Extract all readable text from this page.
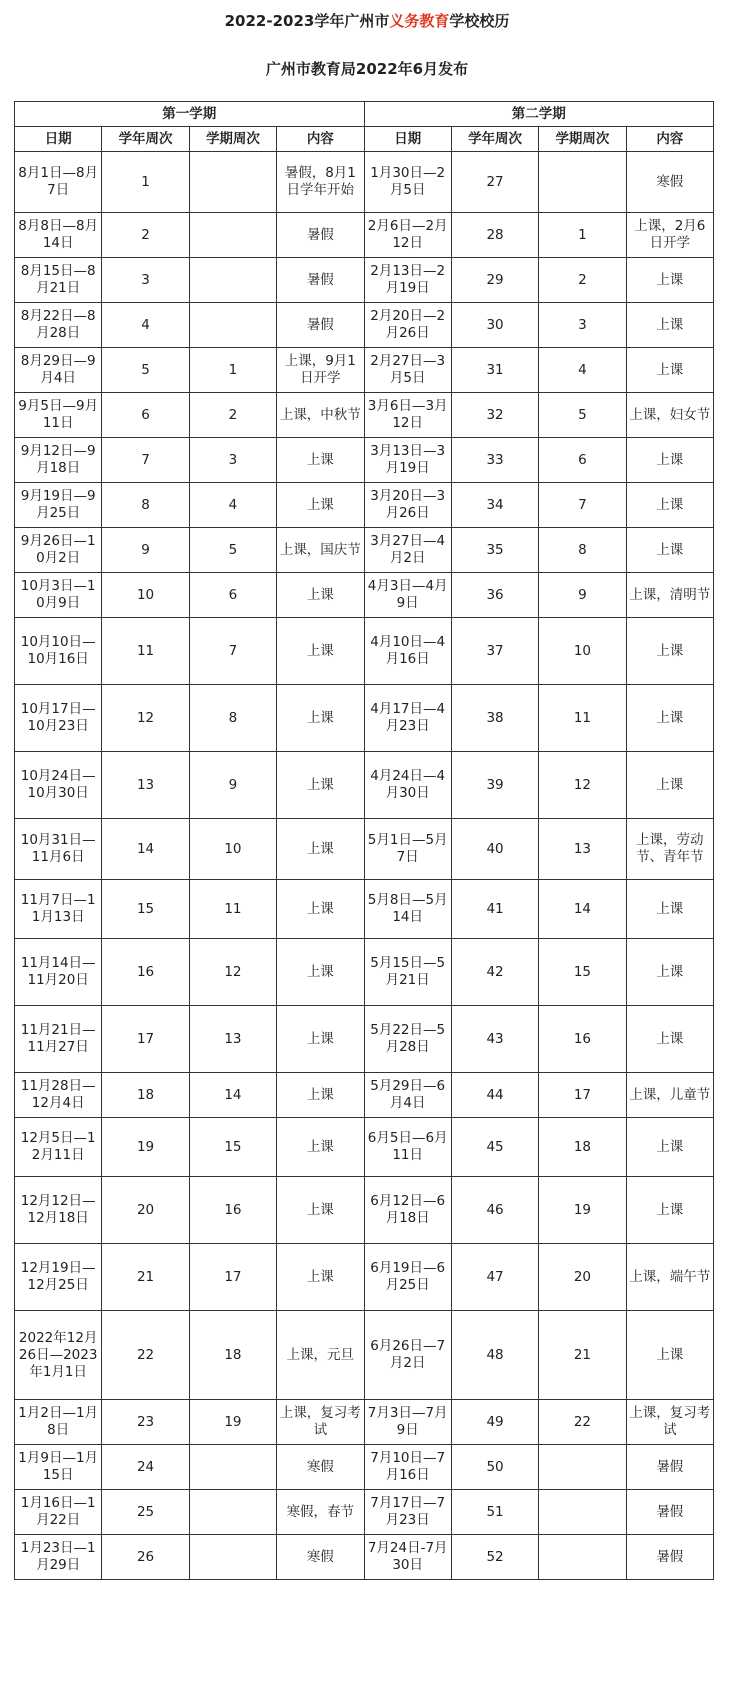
2022-2023学年广州市义务教育学校校历
广州市教育局2022年6月发布
第一学期				第二学期			
日期	学年周次	学期周次	内容	日期	学年周次	学期周次	内容
8月1日—8月7日	1		暑假，8月1日学年开始	1月30日—2月5日	27		寒假
8月8日—8月14日	2		暑假	2月6日—2月12日	28	1	上课，2月6日开学
8月15日—8月21日	3		暑假	2月13日—2月19日	29	2	上课
8月22日—8月28日	4		暑假	2月20日—2月26日	30	3	上课
8月29日—9月4日	5	1	上课，9月1日开学	2月27日—3月5日	31	4	上课
9月5日—9月11日	6	2	上课，中秋节	3月6日—3月12日	32	5	上课，妇女节
9月12日—9月18日	7	3	上课	3月13日—3月19日	33	6	上课
9月19日—9月25日	8	4	上课	3月20日—3月26日	34	7	上课
9月26日—10月2日	9	5	上课，国庆节	3月27日—4月2日	35	8	上课
10月3日—10月9日	10	6	上课	4月3日—4月9日	36	9	上课，清明节
10月10日—10月16日	11	7	上课	4月10日—4月16日	37	10	上课
10月17日—10月23日	12	8	上课	4月17日—4月23日	38	11	上课
10月24日—10月30日	13	9	上课	4月24日—4月30日	39	12	上课
10月31日—11月6日	14	10	上课	5月1日—5月7日	40	13	上课，劳动节、青年节
11月7日—11月13日	15	11	上课	5月8日—5月14日	41	14	上课
11月14日—11月20日	16	12	上课	5月15日—5月21日	42	15	上课
11月21日—11月27日	17	13	上课	5月22日—5月28日	43	16	上课
11月28日—12月4日	18	14	上课	5月29日—6月4日	44	17	上课，儿童节
12月5日—12月11日	19	15	上课	6月5日—6月11日	45	18	上课
12月12日—12月18日	20	16	上课	6月12日—6月18日	46	19	上课
12月19日—12月25日	21	17	上课	6月19日—6月25日	47	20	上课，端午节
2022年12月26日—2023年1月1日	22	18	上课，元旦	6月26日—7月2日	48	21	上课
1月2日—1月8日	23	19	上课，复习考试	7月3日—7月9日	49	22	上课，复习考试
1月9日—1月15日	24		寒假	7月10日—7月16日	50		暑假
1月16日—1月22日	25		寒假，春节	7月17日—7月23日	51		暑假
1月23日—1月29日	26		寒假	7月24日-7月30日	52		暑假
